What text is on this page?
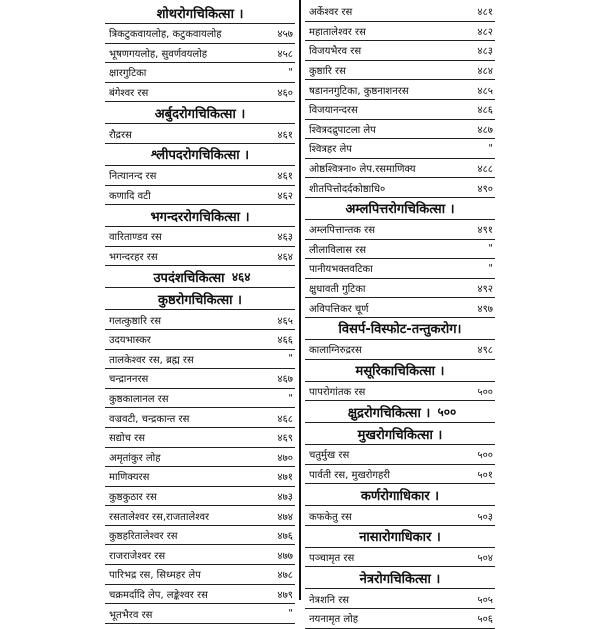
शोथरोगचिकित्सा ।
त्रिकटुकवायलोह, कटुकवायलोह	४५७
भूषणगयलोह, सुवर्णवयलोह	४५८
क्षारगुटिका	"
बंगेश्वर रस	४६०
अर्बुदरोगचिकित्सा ।
रौद्ररस	४६१
श्लीपदरोगचिकित्सा ।
नित्यानन्द रस	४६१
कणादि वटी	४६२
भगन्दररोगचिकित्सा ।
वारिताण्डव रस	४६३
भगन्दरहर रस	४६४
उपदंशचिकित्सा ४६४
कुष्ठरोगचिकित्सा ।
गलत्कुष्ठारि रस	४६५
उदयभास्कर	४६६
तालकेश्वर रस, ब्रह्म रस	"
चन्द्राननरस	४६७
कुष्ठकालानल रस	"
वज्रवटी, चन्द्रकान्त रस	४६८
सद्योच रस	४६९
अमृतांकुर लोह	४७०
माणिक्यरस	४७१
कुष्ठकुठार रस	४७३
रसतालेश्वर रस,राजतालेश्वर	४७४
कुष्ठहरितालेश्वर रस	४७६
राजराजेश्वर रस	४७७
पारिभद्र रस, सिध्महर लेप	४७८
चक्रमर्दादि लेप, लङ्केश्वर रस	४७९
भूतभैरव रस	"
अर्केश्वर रस	४८१
महातालेश्वर रस	४८२
विजयभैरव रस	४८३
कुष्ठारि रस	४८४
षडाननगुटिका, कुष्ठनाशनरस	४८५
विजयानन्दरस	४८६
श्वित्रदद्रुपाटला लेप	४८७
श्वित्रहर लेप	"
ओष्ठश्वित्रना० लेप.रसमाणिक्य	४८८
शीतपित्तोदर्दकोष्ठाधि०	४९०
अम्लपित्तरोगचिकित्सा ।
अम्लपित्तान्तक रस	४९१
लीलाविलास रस	"
पानीयभक्तवटिका	"
क्षुधावती गुटिका	४९२
अविपत्तिकर चूर्ण	४९७
विसर्प-विस्फोट-तन्तुकरोग।
कालाग्निरुद्ररस	४९८
मसूरिकाचिकित्सा ।
पापरोगांतक रस	५००
क्षुद्ररोगचिकित्सा । ५००
मुखरोगचिकित्सा ।
चतुर्मुख रस	५००
पार्वती रस, मुखरोगहरी	५०१
कर्णरोगाधिकार ।
कफकेतु रस	५०३
नासारोगाधिकार ।
पञ्चामृत रस	५०४
नेत्ररोगचिकित्सा ।
नेत्रशनि रस	५०५
नयनामृत लोह	५०६
